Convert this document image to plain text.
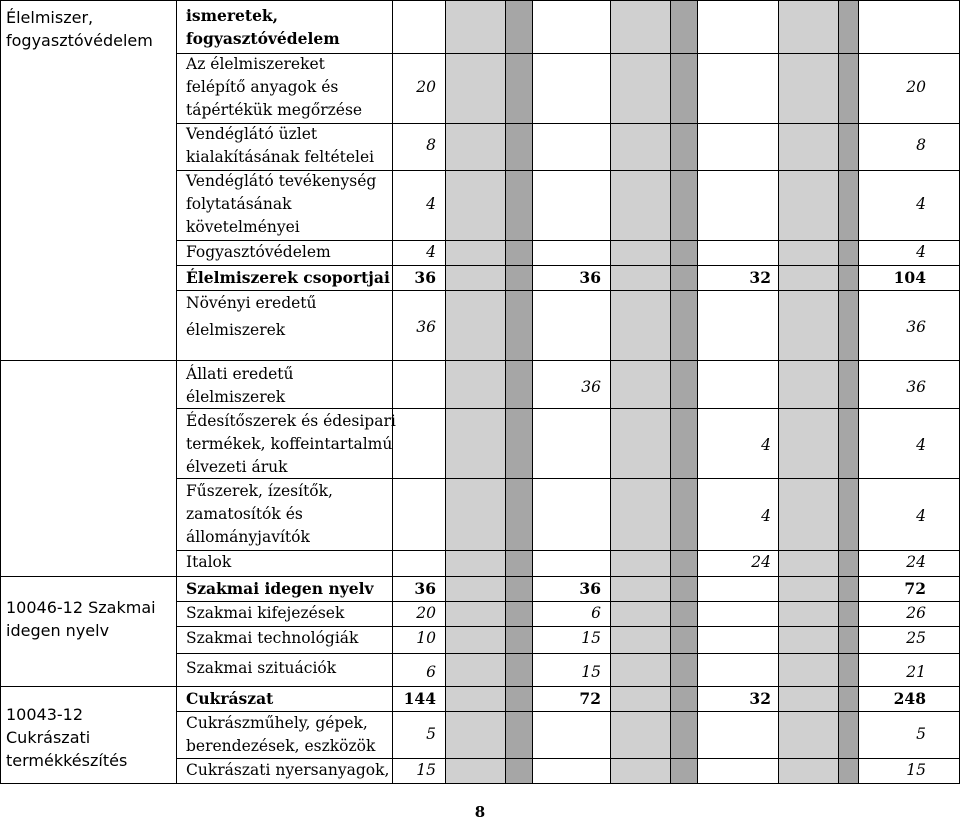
Élelmiszer, fogyasztóvédelem
10046-12 Szakmai idegen nyelv
10043-12 Cukrászati termékkészítés
ismeretek, fogyasztóvédelem
Az élelmiszereket felépítő anyagok és tápértékük megőrzése
Vendéglátó üzlet kialakításának feltételei
Vendéglátó tevékenység folytatásának követelményei
Fogyasztóvédelem
Élelmiszerek csoportjai
Növényi eredetű élelmiszerek
Állati eredetű élelmiszerek
Édesítőszerek és édesipari termékek, koffeintartalmú élvezeti áruk
Fűszerek, ízesítők, zamatosítók és állományjavítók
Italok
Szakmai idegen nyelv
Szakmai kifejezések
Szakmai technológiák
Szakmai szituációk
Cukrászat
Cukrászműhely, gépek, berendezések, eszközök
Cukrászati nyersanyagok,
20
8
4
4
36
36
36
20
10
6
144
5
15
36
36
36
6
15
15
72
32
4
4
24
32
20
8
4
4
104
36
36
4
4
24
72
26
25
21
248
5
15
8
